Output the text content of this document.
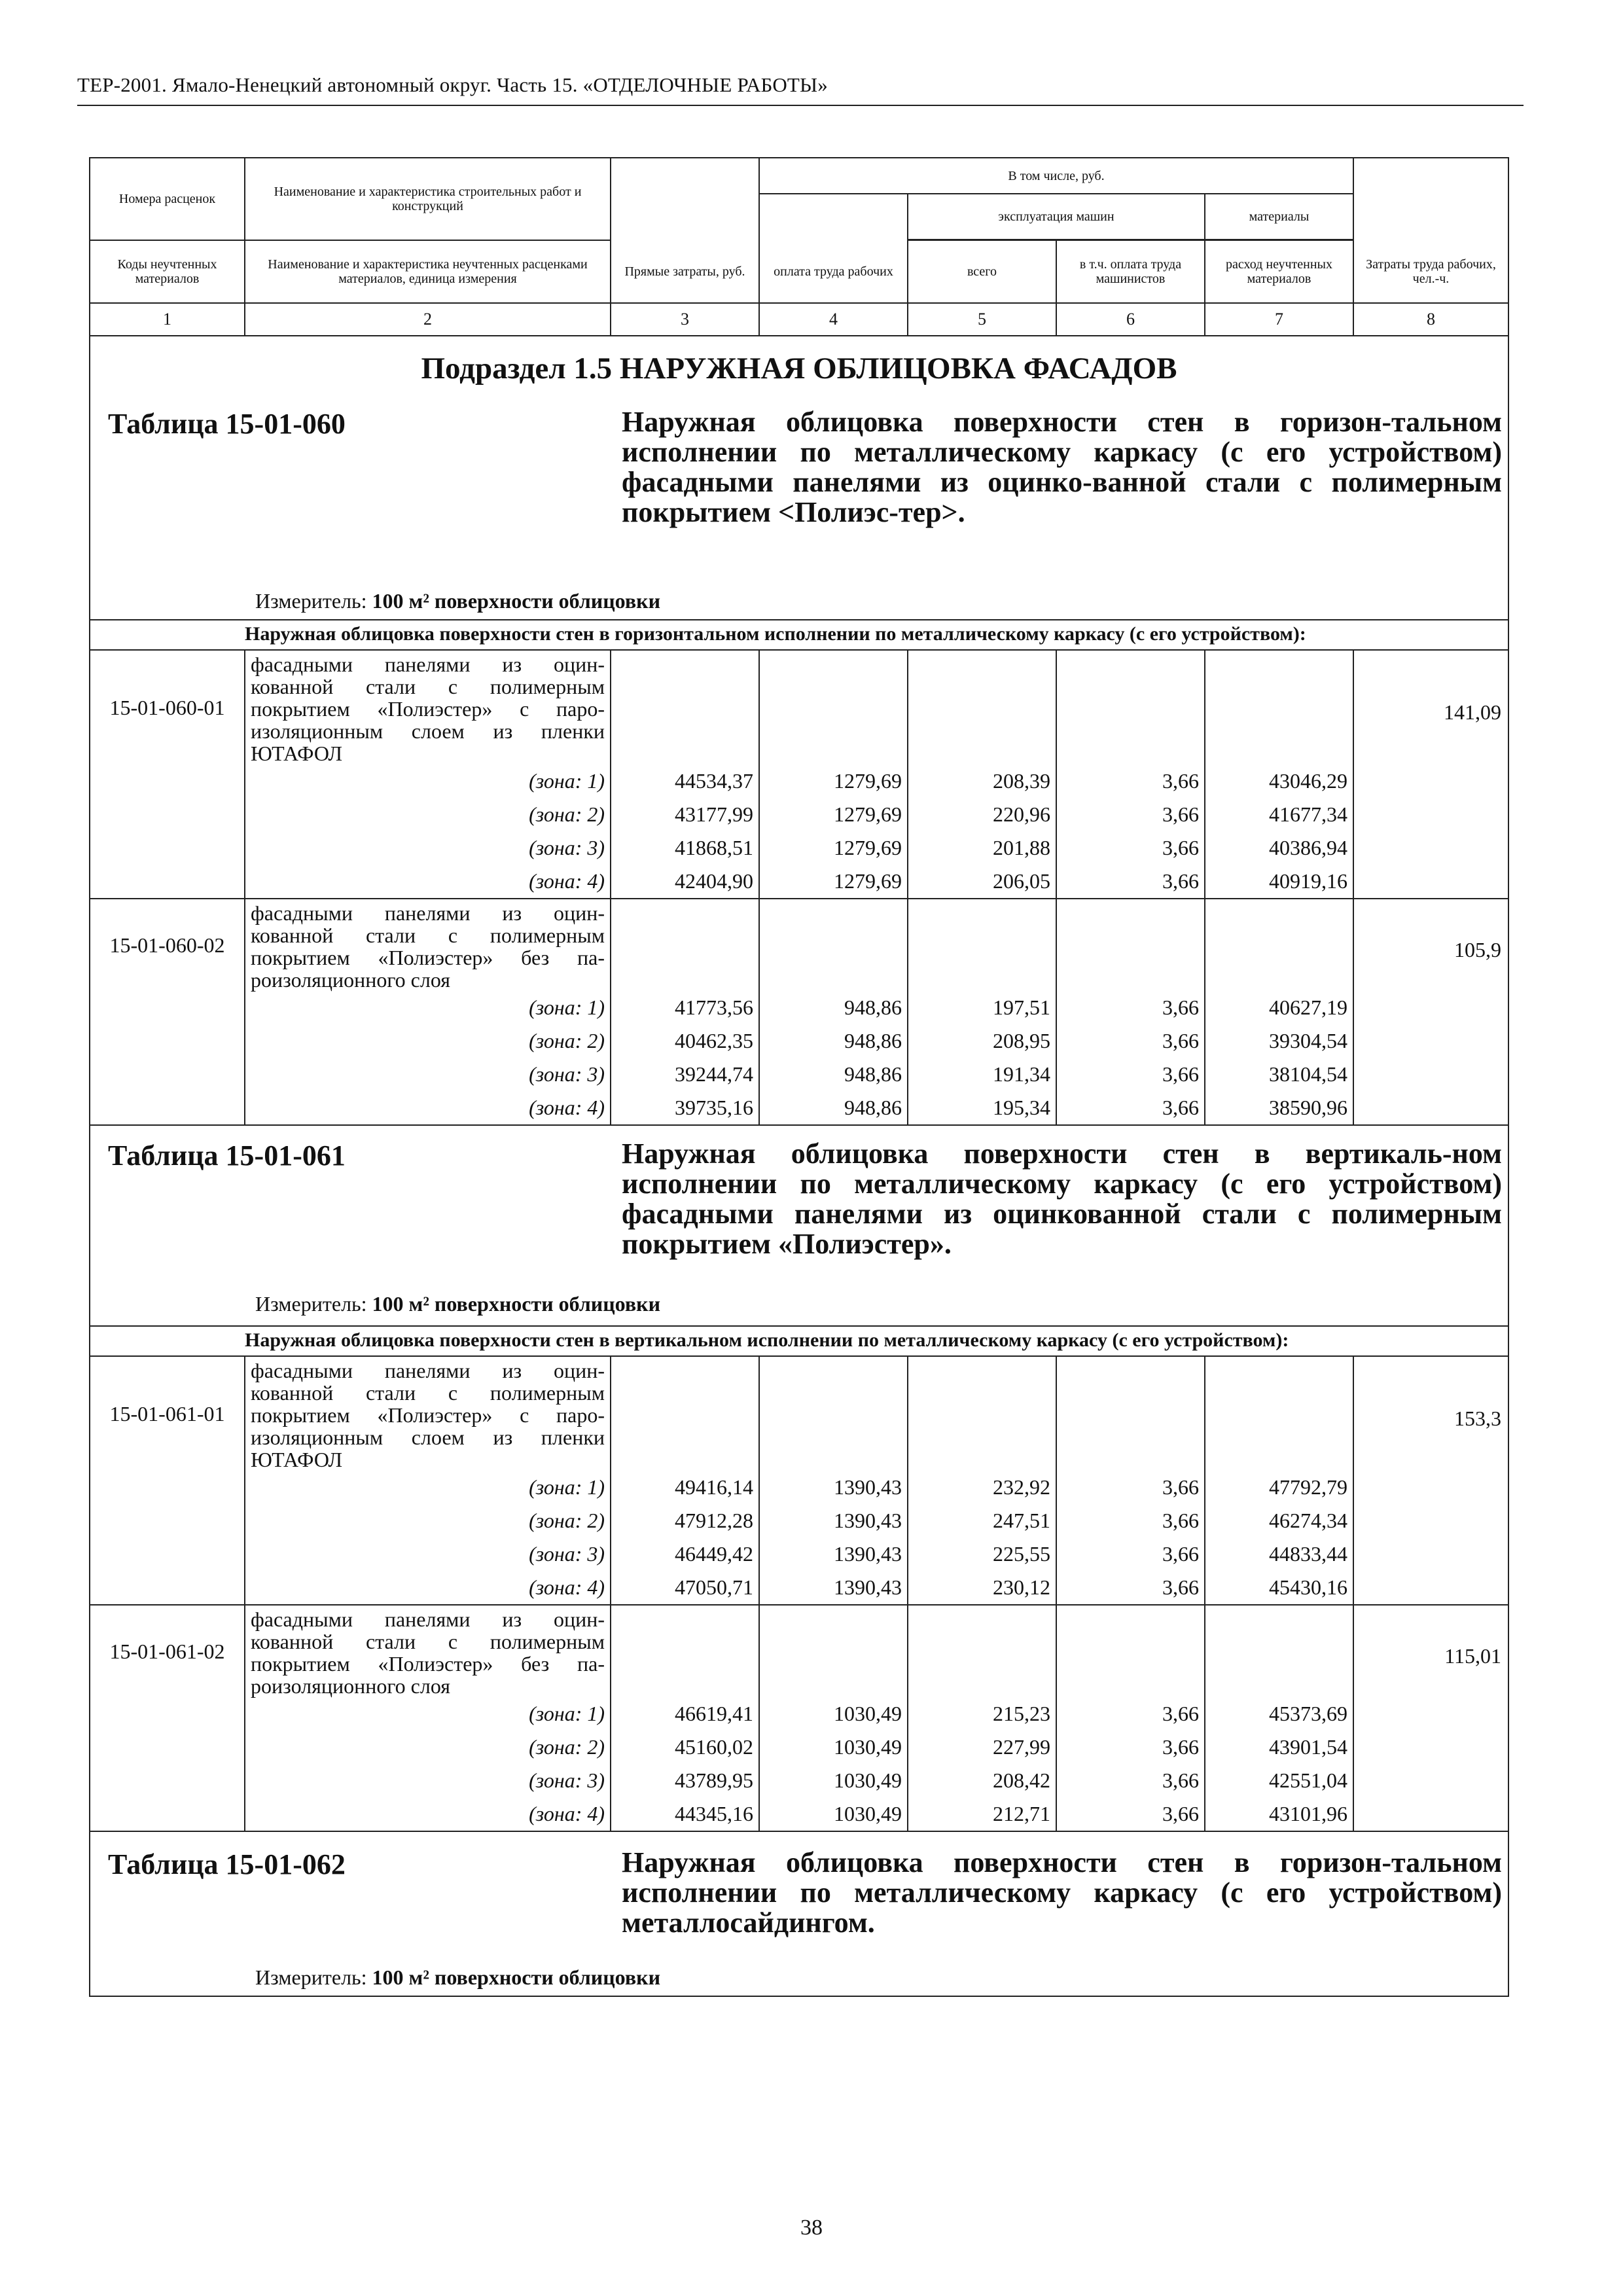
ТЕР-2001. Ямало-Ненецкий автономный округ. Часть 15. «ОТДЕЛОЧНЫЕ РАБОТЫ»
Номера расценок	Наименование и характеристика строительных работ и конструкций		В том числе, руб.				
				эксплуатация машин		материалы	

Коды неучтенных материалов	Наименование и характеристика неучтенных расценками материалов, единица измерения	Прямые затраты, руб.	оплата труда рабочих	всего	в т.ч. оплата труда машинистов	расход неучтенных материалов	Затраты труда рабочих, чел.-ч.
1	2	3	4	5	6	7	8

Подраздел 1.5 НАРУЖНАЯ ОБЛИЦОВКА ФАСАДОВ
Таблица 15-01-060 Наружная облицовка поверхности стен в горизон-тальном исполнении по металлическому каркасу (с его устройством) фасадными панелями из оцинко-ванной стали с полимерным покрытием <Полиэс-тер>.
Измеритель: 100 м² поверхности облицовки							

	Наружная облицовка поверхности стен в горизонтальном исполнении по металлическому каркасу (с его устройством):						
15-01-060-01	фасадными панелями из оцин-кованной стали с полимерным покрытием «Полиэстер» с паро-изоляционным слоем из пленки ЮТАФОЛ						141,09
	(зона: 1)	44534,37	1279,69	208,39	3,66	43046,29	
	(зона: 2)	43177,99	1279,69	220,96	3,66	41677,34	
	(зона: 3)	41868,51	1279,69	201,88	3,66	40386,94	
	(зона: 4)	42404,90	1279,69	206,05	3,66	40919,16	
15-01-060-02	фасадными панелями из оцин-кованной стали с полимерным покрытием «Полиэстер» без па-роизоляционного слоя						105,9
	(зона: 1)	41773,56	948,86	197,51	3,66	40627,19	
	(зона: 2)	40462,35	948,86	208,95	3,66	39304,54	
	(зона: 3)	39244,74	948,86	191,34	3,66	38104,54	
	(зона: 4)	39735,16	948,86	195,34	3,66	38590,96	

Таблица 15-01-061 Наружная облицовка поверхности стен в вертикаль-ном исполнении по металлическому каркасу (с его устройством) фасадными панелями из оцинкованной стали с полимерным покрытием «Полиэстер».
Измеритель: 100 м² поверхности облицовки							

	Наружная облицовка поверхности стен в вертикальном исполнении по металлическому каркасу (с его устройством):						
15-01-061-01	фасадными панелями из оцин-кованной стали с полимерным покрытием «Полиэстер» с паро-изоляционным слоем из пленки ЮТАФОЛ						153,3
	(зона: 1)	49416,14	1390,43	232,92	3,66	47792,79	
	(зона: 2)	47912,28	1390,43	247,51	3,66	46274,34	
	(зона: 3)	46449,42	1390,43	225,55	3,66	44833,44	
	(зона: 4)	47050,71	1390,43	230,12	3,66	45430,16	
15-01-061-02	фасадными панелями из оцин-кованной стали с полимерным покрытием «Полиэстер» без па-роизоляционного слоя						115,01
	(зона: 1)	46619,41	1030,49	215,23	3,66	45373,69	
	(зона: 2)	45160,02	1030,49	227,99	3,66	43901,54	
	(зона: 3)	43789,95	1030,49	208,42	3,66	42551,04	
	(зона: 4)	44345,16	1030,49	212,71	3,66	43101,96	

Таблица 15-01-062 Наружная облицовка поверхности стен в горизон-тальном исполнении по металлическому каркасу (с его устройством) металлосайдингом.
Измеритель: 100 м² поверхности облицовки							
38
